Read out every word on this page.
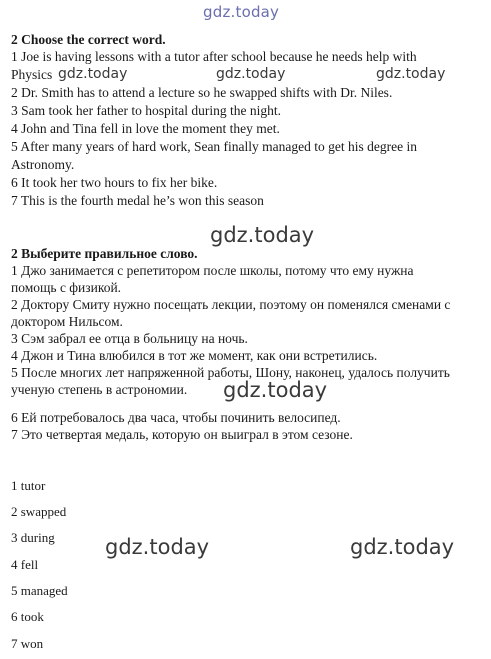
gdz.today
2 Choose the correct word.
1 Joe is having lessons with a tutor after school because he needs help with
Physics
2 Dr. Smith has to attend a lecture so he swapped shifts with Dr. Niles.
3 Sam took her father to hospital during the night.
4 John and Tina fell in love the moment they met.
5 After many years of hard work, Sean finally managed to get his degree in
Astronomy.
6 It took her two hours to fix her bike.
7 This is the fourth medal he’s won this season
gdz.today	gdz.today	gdz.today
gdz.today
2 Выберите правильное слово.
1 Джо занимается с репетитором после школы, потому что ему нужна
помощь с физикой.
2 Доктору Смиту нужно посещать лекции, поэтому он поменялся сменами с
доктором Нильсом.
3 Сэм забрал ее отца в больницу на ночь.
4 Джон и Тина влюбился в тот же момент, как они встретились.
5 После многих лет напряженной работы, Шону, наконец, удалось получить
ученую степень в астрономии.
6 Ей потребовалось два часа, чтобы починить велосипед.
7 Это четвертая медаль, которую он выиграл в этом сезоне.
gdz.today
1 tutor
2 swapped
3 during
4 fell
5 managed
6 took
7 won
gdz.today	gdz.today
